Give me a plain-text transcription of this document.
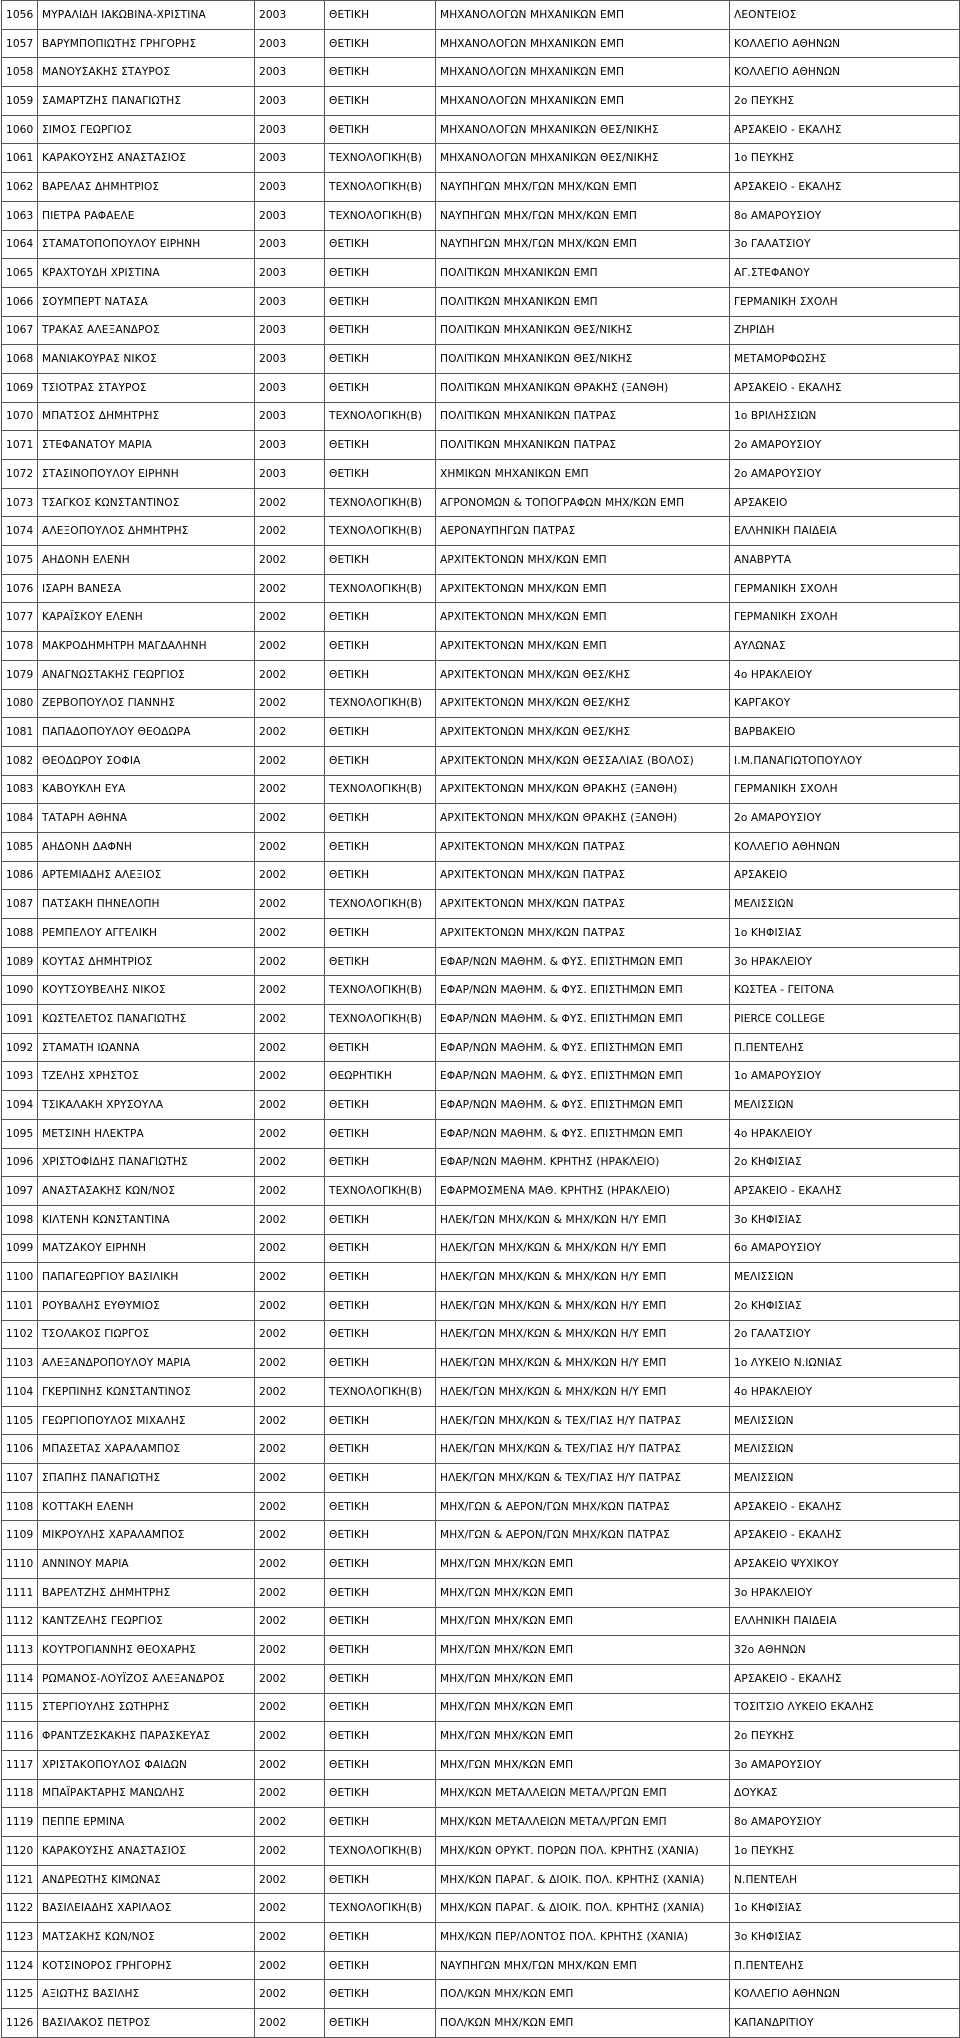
1056	ΜΥΡΑΛΙΔΗ ΙΑΚΩΒΙΝΑ-ΧΡΙΣΤΙΝΑ	2003	ΘΕΤΙΚΗ	ΜΗΧΑΝΟΛΟΓΩΝ ΜΗΧΑΝΙΚΩΝ ΕΜΠ	ΛΕΟΝΤΕΙΟΣ
1057	ΒΑΡΥΜΠΟΠΙΩΤΗΣ ΓΡΗΓΟΡΗΣ	2003	ΘΕΤΙΚΗ	ΜΗΧΑΝΟΛΟΓΩΝ ΜΗΧΑΝΙΚΩΝ ΕΜΠ	ΚΟΛΛΕΓΙΟ ΑΘΗΝΩΝ
1058	ΜΑΝΟΥΣΑΚΗΣ ΣΤΑΥΡΟΣ	2003	ΘΕΤΙΚΗ	ΜΗΧΑΝΟΛΟΓΩΝ ΜΗΧΑΝΙΚΩΝ ΕΜΠ	ΚΟΛΛΕΓΙΟ ΑΘΗΝΩΝ
1059	ΣΑΜΑΡΤΖΗΣ ΠΑΝΑΓΙΩΤΗΣ	2003	ΘΕΤΙΚΗ	ΜΗΧΑΝΟΛΟΓΩΝ ΜΗΧΑΝΙΚΩΝ ΕΜΠ	2ο ΠΕΥΚΗΣ
1060	ΣΙΜΟΣ ΓΕΩΡΓΙΟΣ	2003	ΘΕΤΙΚΗ	ΜΗΧΑΝΟΛΟΓΩΝ ΜΗΧΑΝΙΚΩΝ ΘΕΣ/ΝΙΚΗΣ	ΑΡΣΑΚΕΙΟ - ΕΚΑΛΗΣ
1061	ΚΑΡΑΚΟΥΣΗΣ ΑΝΑΣΤΑΣΙΟΣ	2003	ΤΕΧΝΟΛΟΓΙΚΗ(Β)	ΜΗΧΑΝΟΛΟΓΩΝ ΜΗΧΑΝΙΚΩΝ ΘΕΣ/ΝΙΚΗΣ	1ο ΠΕΥΚΗΣ
1062	ΒΑΡΕΛΑΣ ΔΗΜΗΤΡΙΟΣ	2003	ΤΕΧΝΟΛΟΓΙΚΗ(Β)	ΝΑΥΠΗΓΩΝ ΜΗΧ/ΓΩΝ ΜΗΧ/ΚΩΝ ΕΜΠ	ΑΡΣΑΚΕΙΟ - ΕΚΑΛΗΣ
1063	ΠΙΕΤΡΑ ΡΑΦΑΕΛΕ	2003	ΤΕΧΝΟΛΟΓΙΚΗ(Β)	ΝΑΥΠΗΓΩΝ ΜΗΧ/ΓΩΝ ΜΗΧ/ΚΩΝ ΕΜΠ	8ο ΑΜΑΡΟΥΣΙΟΥ
1064	ΣΤΑΜΑΤΟΠΟΠΟΥΛΟΥ ΕΙΡΗΝΗ	2003	ΘΕΤΙΚΗ	ΝΑΥΠΗΓΩΝ ΜΗΧ/ΓΩΝ ΜΗΧ/ΚΩΝ ΕΜΠ	3ο ΓΑΛΑΤΣΙΟΥ
1065	ΚΡΑΧΤΟΥΔΗ ΧΡΙΣΤΙΝΑ	2003	ΘΕΤΙΚΗ	ΠΟΛΙΤΙΚΩΝ ΜΗΧΑΝΙΚΩΝ ΕΜΠ	ΑΓ.ΣΤΕΦΑΝΟΥ
1066	ΣΟΥΜΠΕΡΤ ΝΑΤΑΣΑ	2003	ΘΕΤΙΚΗ	ΠΟΛΙΤΙΚΩΝ ΜΗΧΑΝΙΚΩΝ ΕΜΠ	ΓΕΡΜΑΝΙΚΗ ΣΧΟΛΗ
1067	ΤΡΑΚΑΣ ΑΛΕΞΑΝΔΡΟΣ	2003	ΘΕΤΙΚΗ	ΠΟΛΙΤΙΚΩΝ ΜΗΧΑΝΙΚΩΝ ΘΕΣ/ΝΙΚΗΣ	ΖΗΡΙΔΗ
1068	ΜΑΝΙΑΚΟΥΡΑΣ ΝΙΚΟΣ	2003	ΘΕΤΙΚΗ	ΠΟΛΙΤΙΚΩΝ ΜΗΧΑΝΙΚΩΝ ΘΕΣ/ΝΙΚΗΣ	ΜΕΤΑΜΟΡΦΩΣΗΣ
1069	ΤΣΙΟΤΡΑΣ ΣΤΑΥΡΟΣ	2003	ΘΕΤΙΚΗ	ΠΟΛΙΤΙΚΩΝ ΜΗΧΑΝΙΚΩΝ ΘΡΑΚΗΣ (ΞΑΝΘΗ)	ΑΡΣΑΚΕΙΟ - ΕΚΑΛΗΣ
1070	ΜΠΑΤΣΟΣ ΔΗΜΗΤΡΗΣ	2003	ΤΕΧΝΟΛΟΓΙΚΗ(Β)	ΠΟΛΙΤΙΚΩΝ ΜΗΧΑΝΙΚΩΝ ΠΑΤΡΑΣ	1ο ΒΡΙΛΗΣΣΙΩΝ
1071	ΣΤΕΦΑΝΑΤΟΥ ΜΑΡΙΑ	2003	ΘΕΤΙΚΗ	ΠΟΛΙΤΙΚΩΝ ΜΗΧΑΝΙΚΩΝ ΠΑΤΡΑΣ	2ο ΑΜΑΡΟΥΣΙΟΥ
1072	ΣΤΑΣΙΝΟΠΟΥΛΟΥ ΕΙΡΗΝΗ	2003	ΘΕΤΙΚΗ	ΧΗΜΙΚΩΝ ΜΗΧΑΝΙΚΩΝ ΕΜΠ	2ο ΑΜΑΡΟΥΣΙΟΥ
1073	ΤΣΑΓΚΟΣ ΚΩΝΣΤΑΝΤΙΝΟΣ	2002	ΤΕΧΝΟΛΟΓΙΚΗ(Β)	ΑΓΡΟΝΟΜΩΝ & ΤΟΠΟΓΡΑΦΩΝ ΜΗΧ/ΚΩΝ ΕΜΠ	ΑΡΣΑΚΕΙΟ
1074	ΑΛΕΞΟΠΟΥΛΟΣ ΔΗΜΗΤΡΗΣ	2002	ΤΕΧΝΟΛΟΓΙΚΗ(Β)	ΑΕΡΟΝΑΥΠΗΓΩΝ ΠΑΤΡΑΣ	ΕΛΛΗΝΙΚΗ ΠΑΙΔΕΙΑ
1075	ΑΗΔΟΝΗ ΕΛΕΝΗ	2002	ΘΕΤΙΚΗ	ΑΡΧΙΤΕΚΤΟΝΩΝ ΜΗΧ/ΚΩΝ ΕΜΠ	ΑΝΑΒΡΥΤΑ
1076	ΙΣΑΡΗ ΒΑΝΕΣΑ	2002	ΤΕΧΝΟΛΟΓΙΚΗ(Β)	ΑΡΧΙΤΕΚΤΟΝΩΝ ΜΗΧ/ΚΩΝ ΕΜΠ	ΓΕΡΜΑΝΙΚΗ ΣΧΟΛΗ
1077	ΚΑΡΑΪΣΚΟΥ ΕΛΕΝΗ	2002	ΘΕΤΙΚΗ	ΑΡΧΙΤΕΚΤΟΝΩΝ ΜΗΧ/ΚΩΝ ΕΜΠ	ΓΕΡΜΑΝΙΚΗ ΣΧΟΛΗ
1078	ΜΑΚΡΟΔΗΜΗΤΡΗ ΜΑΓΔΑΛΗΝΗ	2002	ΘΕΤΙΚΗ	ΑΡΧΙΤΕΚΤΟΝΩΝ ΜΗΧ/ΚΩΝ ΕΜΠ	ΑΥΛΩΝΑΣ
1079	ΑΝΑΓΝΩΣΤΑΚΗΣ ΓΕΩΡΓΙΟΣ	2002	ΘΕΤΙΚΗ	ΑΡΧΙΤΕΚΤΟΝΩΝ ΜΗΧ/ΚΩΝ ΘΕΣ/ΚΗΣ	4ο ΗΡΑΚΛΕΙΟΥ
1080	ΖΕΡΒΟΠΟΥΛΟΣ ΓΙΑΝΝΗΣ	2002	ΤΕΧΝΟΛΟΓΙΚΗ(Β)	ΑΡΧΙΤΕΚΤΟΝΩΝ ΜΗΧ/ΚΩΝ ΘΕΣ/ΚΗΣ	ΚΑΡΓΑΚΟΥ
1081	ΠΑΠΑΔΟΠΟΥΛΟΥ ΘΕΟΔΩΡΑ	2002	ΘΕΤΙΚΗ	ΑΡΧΙΤΕΚΤΟΝΩΝ ΜΗΧ/ΚΩΝ ΘΕΣ/ΚΗΣ	ΒΑΡΒΑΚΕΙΟ
1082	ΘΕΟΔΩΡΟΥ ΣΟΦΙΑ	2002	ΘΕΤΙΚΗ	ΑΡΧΙΤΕΚΤΟΝΩΝ ΜΗΧ/ΚΩΝ ΘΕΣΣΑΛΙΑΣ (ΒΟΛΟΣ)	Ι.Μ.ΠΑΝΑΓΙΩΤΟΠΟΥΛΟΥ
1083	ΚΑΒΟΥΚΛΗ ΕΥΑ	2002	ΤΕΧΝΟΛΟΓΙΚΗ(Β)	ΑΡΧΙΤΕΚΤΟΝΩΝ ΜΗΧ/ΚΩΝ ΘΡΑΚΗΣ (ΞΑΝΘΗ)	ΓΕΡΜΑΝΙΚΗ ΣΧΟΛΗ
1084	ΤΑΤΑΡΗ ΑΘΗΝΑ	2002	ΘΕΤΙΚΗ	ΑΡΧΙΤΕΚΤΟΝΩΝ ΜΗΧ/ΚΩΝ ΘΡΑΚΗΣ (ΞΑΝΘΗ)	2ο ΑΜΑΡΟΥΣΙΟΥ
1085	ΑΗΔΟΝΗ ΔΑΦΝΗ	2002	ΘΕΤΙΚΗ	ΑΡΧΙΤΕΚΤΟΝΩΝ ΜΗΧ/ΚΩΝ ΠΑΤΡΑΣ	ΚΟΛΛΕΓΙΟ ΑΘΗΝΩΝ
1086	ΑΡΤΕΜΙΑΔΗΣ ΑΛΕΞΙΟΣ	2002	ΘΕΤΙΚΗ	ΑΡΧΙΤΕΚΤΟΝΩΝ ΜΗΧ/ΚΩΝ ΠΑΤΡΑΣ	ΑΡΣΑΚΕΙΟ
1087	ΠΑΤΣΑΚΗ ΠΗΝΕΛΟΠΗ	2002	ΤΕΧΝΟΛΟΓΙΚΗ(Β)	ΑΡΧΙΤΕΚΤΟΝΩΝ ΜΗΧ/ΚΩΝ ΠΑΤΡΑΣ	ΜΕΛΙΣΣΙΩΝ
1088	ΡΕΜΠΕΛΟΥ ΑΓΓΕΛΙΚΗ	2002	ΘΕΤΙΚΗ	ΑΡΧΙΤΕΚΤΟΝΩΝ ΜΗΧ/ΚΩΝ ΠΑΤΡΑΣ	1ο ΚΗΦΙΣΙΑΣ
1089	ΚΟΥΤΑΣ ΔΗΜΗΤΡΙΟΣ	2002	ΘΕΤΙΚΗ	ΕΦΑΡ/ΝΩΝ ΜΑΘΗΜ. & ΦΥΣ. ΕΠΙΣΤΗΜΩΝ ΕΜΠ	3ο ΗΡΑΚΛΕΙΟΥ
1090	ΚΟΥΤΣΟΥΒΕΛΗΣ ΝΙΚΟΣ	2002	ΤΕΧΝΟΛΟΓΙΚΗ(Β)	ΕΦΑΡ/ΝΩΝ ΜΑΘΗΜ. & ΦΥΣ. ΕΠΙΣΤΗΜΩΝ ΕΜΠ	ΚΩΣΤΕΑ - ΓΕΙΤΟΝΑ
1091	ΚΩΣΤΕΛΕΤΟΣ ΠΑΝΑΓΙΩΤΗΣ	2002	ΤΕΧΝΟΛΟΓΙΚΗ(Β)	ΕΦΑΡ/ΝΩΝ ΜΑΘΗΜ. & ΦΥΣ. ΕΠΙΣΤΗΜΩΝ ΕΜΠ	PIERCE COLLEGE
1092	ΣΤΑΜΑΤΗ ΙΩΑΝΝΑ	2002	ΘΕΤΙΚΗ	ΕΦΑΡ/ΝΩΝ ΜΑΘΗΜ. & ΦΥΣ. ΕΠΙΣΤΗΜΩΝ ΕΜΠ	Π.ΠΕΝΤΕΛΗΣ
1093	ΤΖΕΛΗΣ ΧΡΗΣΤΟΣ	2002	ΘΕΩΡΗΤΙΚΗ	ΕΦΑΡ/ΝΩΝ ΜΑΘΗΜ. & ΦΥΣ. ΕΠΙΣΤΗΜΩΝ ΕΜΠ	1ο ΑΜΑΡΟΥΣΙΟΥ
1094	ΤΣΙΚΑΛΑΚΗ ΧΡΥΣΟΥΛΑ	2002	ΘΕΤΙΚΗ	ΕΦΑΡ/ΝΩΝ ΜΑΘΗΜ. & ΦΥΣ. ΕΠΙΣΤΗΜΩΝ ΕΜΠ	ΜΕΛΙΣΣΙΩΝ
1095	ΜΕΤΣΙΝΗ ΗΛΕΚΤΡΑ	2002	ΘΕΤΙΚΗ	ΕΦΑΡ/ΝΩΝ ΜΑΘΗΜ. & ΦΥΣ. ΕΠΙΣΤΗΜΩΝ ΕΜΠ	4ο ΗΡΑΚΛΕΙΟΥ
1096	ΧΡΙΣΤΟΦΙΔΗΣ ΠΑΝΑΓΙΩΤΗΣ	2002	ΘΕΤΙΚΗ	ΕΦΑΡ/ΝΩΝ ΜΑΘΗΜ. ΚΡΗΤΗΣ (ΗΡΑΚΛΕΙΟ)	2ο ΚΗΦΙΣΙΑΣ
1097	ΑΝΑΣΤΑΣΑΚΗΣ ΚΩΝ/ΝΟΣ	2002	ΤΕΧΝΟΛΟΓΙΚΗ(Β)	ΕΦΑΡΜΟΣΜΕΝΑ ΜΑΘ. ΚΡΗΤΗΣ (ΗΡΑΚΛΕΙΟ)	ΑΡΣΑΚΕΙΟ - ΕΚΑΛΗΣ
1098	ΚΙΛΤΕΝΗ ΚΩΝΣΤΑΝΤΙΝΑ	2002	ΘΕΤΙΚΗ	ΗΛΕΚ/ΓΩΝ ΜΗΧ/ΚΩΝ & ΜΗΧ/ΚΩΝ Η/Υ ΕΜΠ	3ο ΚΗΦΙΣΙΑΣ
1099	ΜΑΤΖΑΚΟΥ ΕΙΡΗΝΗ	2002	ΘΕΤΙΚΗ	ΗΛΕΚ/ΓΩΝ ΜΗΧ/ΚΩΝ & ΜΗΧ/ΚΩΝ Η/Υ ΕΜΠ	6ο ΑΜΑΡΟΥΣΙΟΥ
1100	ΠΑΠΑΓΕΩΡΓΙΟΥ ΒΑΣΙΛΙΚΗ	2002	ΘΕΤΙΚΗ	ΗΛΕΚ/ΓΩΝ ΜΗΧ/ΚΩΝ & ΜΗΧ/ΚΩΝ Η/Υ ΕΜΠ	ΜΕΛΙΣΣΙΩΝ
1101	ΡΟΥΒΑΛΗΣ ΕΥΘΥΜΙΟΣ	2002	ΘΕΤΙΚΗ	ΗΛΕΚ/ΓΩΝ ΜΗΧ/ΚΩΝ & ΜΗΧ/ΚΩΝ Η/Υ ΕΜΠ	2ο ΚΗΦΙΣΙΑΣ
1102	ΤΣΟΛΑΚΟΣ ΓΙΩΡΓΟΣ	2002	ΘΕΤΙΚΗ	ΗΛΕΚ/ΓΩΝ ΜΗΧ/ΚΩΝ & ΜΗΧ/ΚΩΝ Η/Υ ΕΜΠ	2ο ΓΑΛΑΤΣΙΟΥ
1103	ΑΛΕΞΑΝΔΡΟΠΟΥΛΟΥ ΜΑΡΙΑ	2002	ΘΕΤΙΚΗ	ΗΛΕΚ/ΓΩΝ ΜΗΧ/ΚΩΝ & ΜΗΧ/ΚΩΝ Η/Υ ΕΜΠ	1ο ΛΥΚΕΙΟ Ν.ΙΩΝΙΑΣ
1104	ΓΚΕΡΠΙΝΗΣ ΚΩΝΣΤΑΝΤΙΝΟΣ	2002	ΤΕΧΝΟΛΟΓΙΚΗ(Β)	ΗΛΕΚ/ΓΩΝ ΜΗΧ/ΚΩΝ & ΜΗΧ/ΚΩΝ Η/Υ ΕΜΠ	4ο ΗΡΑΚΛΕΙΟΥ
1105	ΓΕΩΡΓΙΟΠΟΥΛΟΣ ΜΙΧΑΛΗΣ	2002	ΘΕΤΙΚΗ	ΗΛΕΚ/ΓΩΝ ΜΗΧ/ΚΩΝ & ΤΕΧ/ΓΙΑΣ Η/Υ ΠΑΤΡΑΣ	ΜΕΛΙΣΣΙΩΝ
1106	ΜΠΑΣΕΤΑΣ ΧΑΡΑΛΑΜΠΟΣ	2002	ΘΕΤΙΚΗ	ΗΛΕΚ/ΓΩΝ ΜΗΧ/ΚΩΝ & ΤΕΧ/ΓΙΑΣ Η/Υ ΠΑΤΡΑΣ	ΜΕΛΙΣΣΙΩΝ
1107	ΣΠΑΠΗΣ ΠΑΝΑΓΙΩΤΗΣ	2002	ΘΕΤΙΚΗ	ΗΛΕΚ/ΓΩΝ ΜΗΧ/ΚΩΝ & ΤΕΧ/ΓΙΑΣ Η/Υ ΠΑΤΡΑΣ	ΜΕΛΙΣΣΙΩΝ
1108	ΚΟΤΤΑΚΗ ΕΛΕΝΗ	2002	ΘΕΤΙΚΗ	ΜΗΧ/ΓΩΝ & ΑΕΡΟΝ/ΓΩΝ ΜΗΧ/ΚΩΝ ΠΑΤΡΑΣ	ΑΡΣΑΚΕΙΟ - ΕΚΑΛΗΣ
1109	ΜΙΚΡΟΥΛΗΣ ΧΑΡΑΛΑΜΠΟΣ	2002	ΘΕΤΙΚΗ	ΜΗΧ/ΓΩΝ & ΑΕΡΟΝ/ΓΩΝ ΜΗΧ/ΚΩΝ ΠΑΤΡΑΣ	ΑΡΣΑΚΕΙΟ - ΕΚΑΛΗΣ
1110	ΑΝΝΙΝΟΥ ΜΑΡΙΑ	2002	ΘΕΤΙΚΗ	ΜΗΧ/ΓΩΝ ΜΗΧ/ΚΩΝ ΕΜΠ	ΑΡΣΑΚΕΙΟ ΨΥΧΙΚΟΥ
1111	ΒΑΡΕΛΤΖΗΣ ΔΗΜΗΤΡΗΣ	2002	ΘΕΤΙΚΗ	ΜΗΧ/ΓΩΝ ΜΗΧ/ΚΩΝ ΕΜΠ	3ο ΗΡΑΚΛΕΙΟΥ
1112	ΚΑΝΤΖΕΛΗΣ ΓΕΩΡΓΙΟΣ	2002	ΘΕΤΙΚΗ	ΜΗΧ/ΓΩΝ ΜΗΧ/ΚΩΝ ΕΜΠ	ΕΛΛΗΝΙΚΗ ΠΑΙΔΕΙΑ
1113	ΚΟΥΤΡΟΓΙΑΝΝΗΣ ΘΕΟΧΑΡΗΣ	2002	ΘΕΤΙΚΗ	ΜΗΧ/ΓΩΝ ΜΗΧ/ΚΩΝ ΕΜΠ	32ο ΑΘΗΝΩΝ
1114	ΡΩΜΑΝΟΣ-ΛΟΥΪΖΟΣ ΑΛΕΞΑΝΔΡΟΣ	2002	ΘΕΤΙΚΗ	ΜΗΧ/ΓΩΝ ΜΗΧ/ΚΩΝ ΕΜΠ	ΑΡΣΑΚΕΙΟ - ΕΚΑΛΗΣ
1115	ΣΤΕΡΓΙΟΥΛΗΣ ΣΩΤΗΡΗΣ	2002	ΘΕΤΙΚΗ	ΜΗΧ/ΓΩΝ ΜΗΧ/ΚΩΝ ΕΜΠ	ΤΟΣΙΤΣΙΟ ΛΥΚΕΙΟ ΕΚΑΛΗΣ
1116	ΦΡΑΝΤΖΕΣΚΑΚΗΣ ΠΑΡΑΣΚΕΥΑΣ	2002	ΘΕΤΙΚΗ	ΜΗΧ/ΓΩΝ ΜΗΧ/ΚΩΝ ΕΜΠ	2ο ΠΕΥΚΗΣ
1117	ΧΡΙΣΤΑΚΟΠΟΥΛΟΣ ΦΑΙΔΩΝ	2002	ΘΕΤΙΚΗ	ΜΗΧ/ΓΩΝ ΜΗΧ/ΚΩΝ ΕΜΠ	3ο ΑΜΑΡΟΥΣΙΟΥ
1118	ΜΠΑΪΡΑΚΤΑΡΗΣ ΜΑΝΩΛΗΣ	2002	ΘΕΤΙΚΗ	ΜΗΧ/ΚΩΝ ΜΕΤΑΛΛΕΙΩΝ ΜΕΤΑΛ/ΡΓΩΝ ΕΜΠ	ΔΟΥΚΑΣ
1119	ΠΕΠΠΕ ΕΡΜΙΝΑ	2002	ΘΕΤΙΚΗ	ΜΗΧ/ΚΩΝ ΜΕΤΑΛΛΕΙΩΝ ΜΕΤΑΛ/ΡΓΩΝ ΕΜΠ	8ο ΑΜΑΡΟΥΣΙΟΥ
1120	ΚΑΡΑΚΟΥΣΗΣ ΑΝΑΣΤΑΣΙΟΣ	2002	ΤΕΧΝΟΛΟΓΙΚΗ(Β)	ΜΗΧ/ΚΩΝ ΟΡΥΚΤ. ΠΟΡΩΝ ΠΟΛ. ΚΡΗΤΗΣ (ΧΑΝΙΑ)	1ο ΠΕΥΚΗΣ
1121	ΑΝΔΡΕΩΤΗΣ ΚΙΜΩΝΑΣ	2002	ΘΕΤΙΚΗ	ΜΗΧ/ΚΩΝ ΠΑΡΑΓ. & ΔΙΟΙΚ. ΠΟΛ. ΚΡΗΤΗΣ (ΧΑΝΙΑ)	Ν.ΠΕΝΤΕΛΗ
1122	ΒΑΣΙΛΕΙΑΔΗΣ ΧΑΡΙΛΑΟΣ	2002	ΤΕΧΝΟΛΟΓΙΚΗ(Β)	ΜΗΧ/ΚΩΝ ΠΑΡΑΓ. & ΔΙΟΙΚ. ΠΟΛ. ΚΡΗΤΗΣ (ΧΑΝΙΑ)	1ο ΚΗΦΙΣΙΑΣ
1123	ΜΑΤΣΑΚΗΣ ΚΩΝ/ΝΟΣ	2002	ΘΕΤΙΚΗ	ΜΗΧ/ΚΩΝ ΠΕΡ/ΛΟΝΤΟΣ ΠΟΛ. ΚΡΗΤΗΣ (ΧΑΝΙΑ)	3ο ΚΗΦΙΣΙΑΣ
1124	ΚΟΤΣΙΝΟΡΟΣ ΓΡΗΓΟΡΗΣ	2002	ΘΕΤΙΚΗ	ΝΑΥΠΗΓΩΝ ΜΗΧ/ΓΩΝ ΜΗΧ/ΚΩΝ ΕΜΠ	Π.ΠΕΝΤΕΛΗΣ
1125	ΑΞΙΩΤΗΣ ΒΑΣΙΛΗΣ	2002	ΘΕΤΙΚΗ	ΠΟΛ/ΚΩΝ ΜΗΧ/ΚΩΝ ΕΜΠ	ΚΟΛΛΕΓΙΟ ΑΘΗΝΩΝ
1126	ΒΑΣΙΛΑΚΟΣ ΠΕΤΡΟΣ	2002	ΘΕΤΙΚΗ	ΠΟΛ/ΚΩΝ ΜΗΧ/ΚΩΝ ΕΜΠ	ΚΑΠΑΝΔΡΙΤΙΟΥ
